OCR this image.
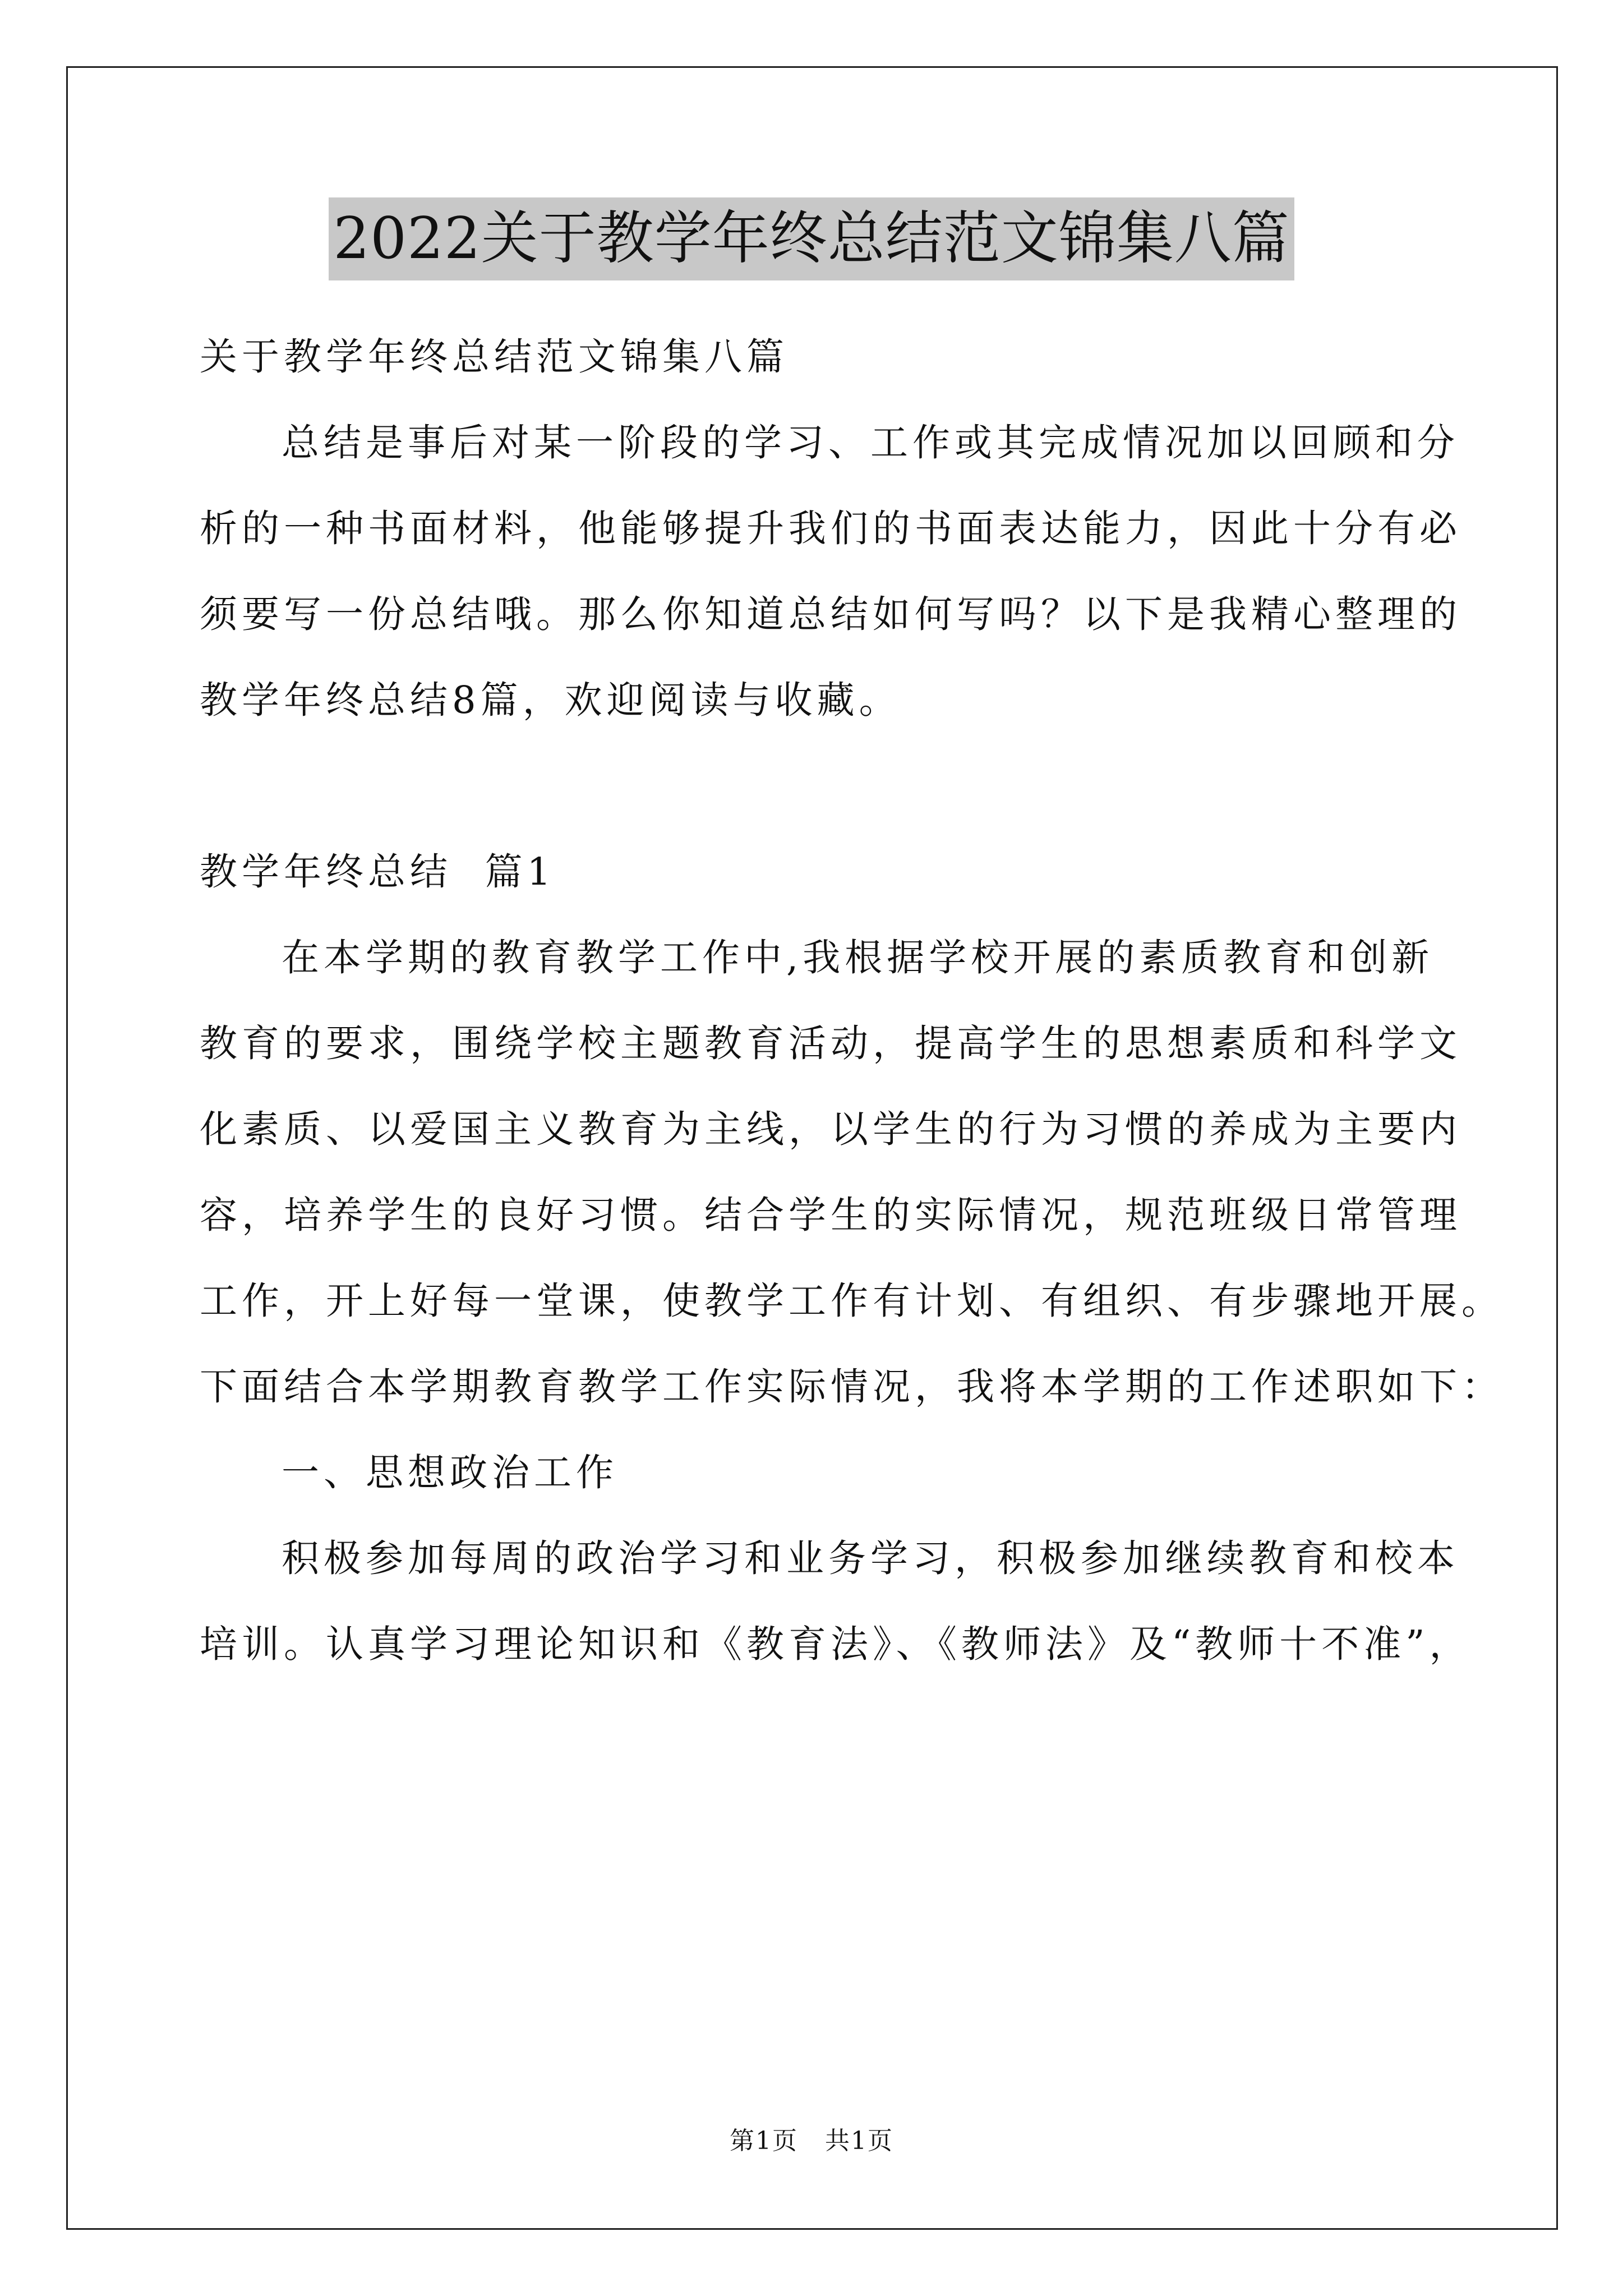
2022关于教学年终总结范文锦集八篇
关于教学年终总结范文锦集八篇
总结是事后对某一阶段的学习、工作或其完成情况加以回顾和分
析的一种书面材料，他能够提升我们的书面表达能力，因此十分有必
须要写一份总结哦。那么你知道总结如何写吗？以下是我精心整理的
教学年终总结8篇，欢迎阅读与收藏。
教学年终总结  篇1
在本学期的教育教学工作中,我根据学校开展的素质教育和创新
教育的要求，围绕学校主题教育活动，提高学生的思想素质和科学文
化素质、以爱国主义教育为主线，以学生的行为习惯的养成为主要内
容，培养学生的良好习惯。结合学生的实际情况，规范班级日常管理
工作，开上好每一堂课，使教学工作有计划、有组织、有步骤地开展。
下面结合本学期教育教学工作实际情况，我将本学期的工作述职如下：
一、思想政治工作
积极参加每周的政治学习和业务学习，积极参加继续教育和校本
培训。认真学习理论知识和《教育法》、《教师法》及“教师十不准”，
第1页   共1页
